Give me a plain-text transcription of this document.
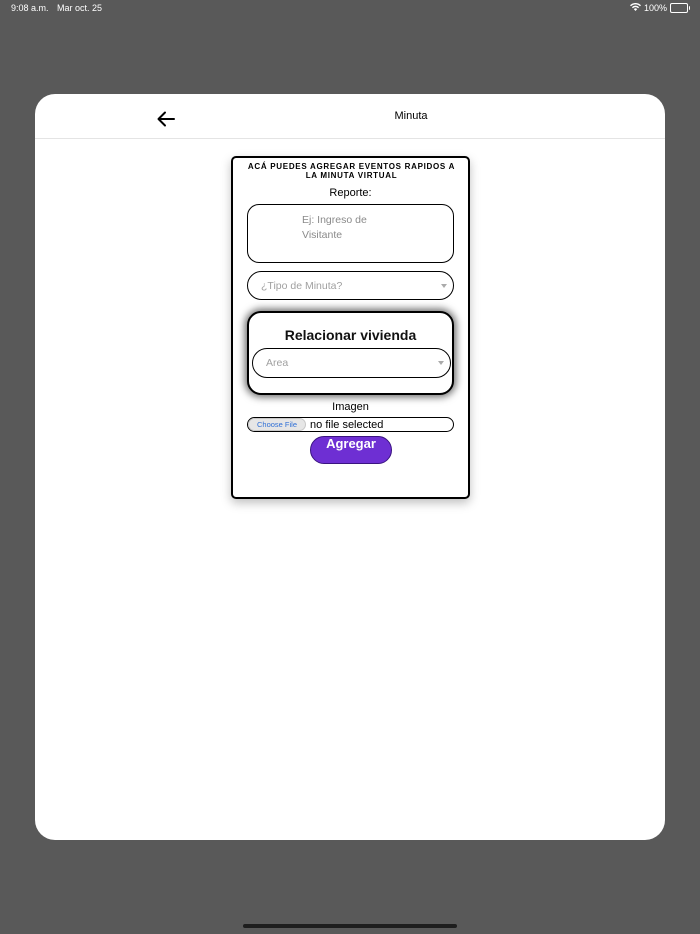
9:08 a.m. Mar oct. 25	100%
Minuta
ACÁ PUEDES AGREGAR EVENTOS RAPIDOS A LA MINUTA VIRTUAL
Reporte:
Ej: Ingreso de Visitante
¿Tipo de Minuta?
Relacionar vivienda
Area
Imagen
Choose File	no file selected
Agregar
